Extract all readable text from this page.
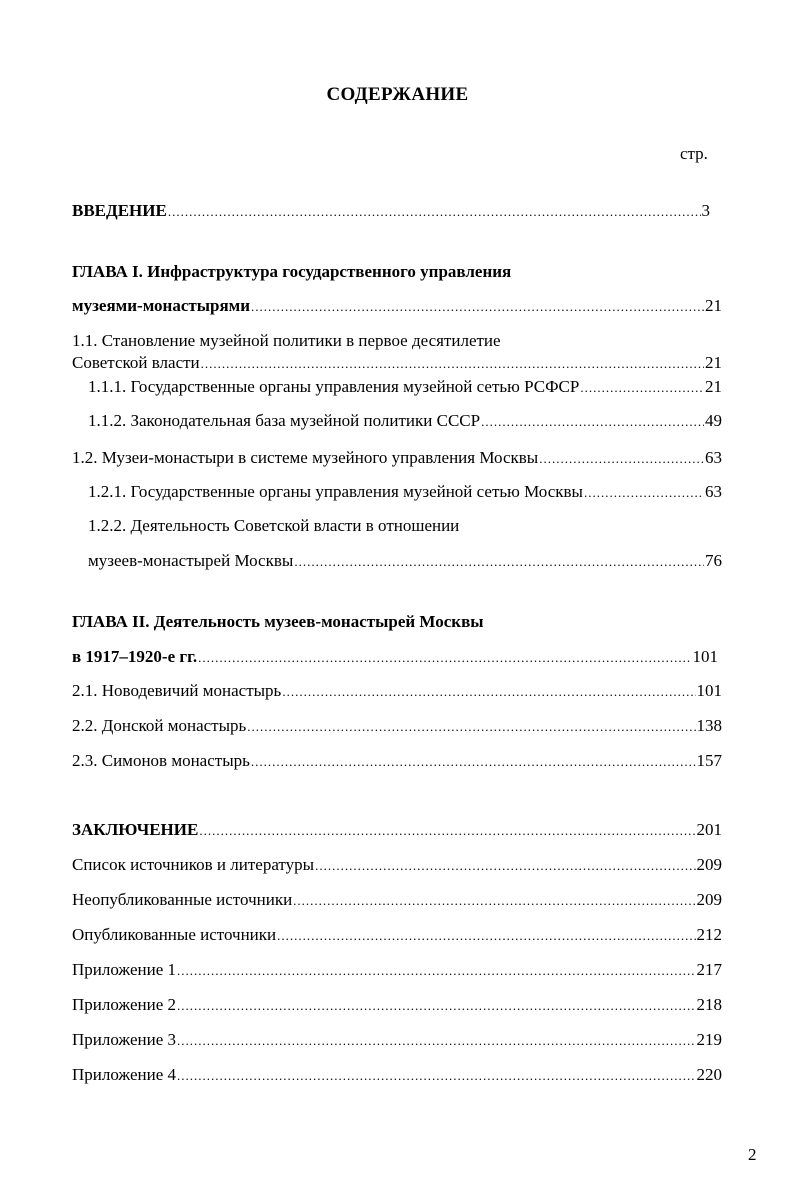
СОДЕРЖАНИЕ
стр.
ВВЕДЕНИЕ .....	3
ГЛАВА I. Инфраструктура государственного управления
музеями-монастырями .....	21
1.1. Становление музейной политики в первое десятилетие
Советской власти .....	21
1.1.1. Государственные органы управления музейной сетью РСФСР .....	21
1.1.2. Законодательная база музейной политики СССР .....	49
1.2. Музеи-монастыри в системе музейного управления Москвы .....	63
1.2.1. Государственные органы управления музейной сетью Москвы .....	63
1.2.2. Деятельность Советской власти в отношении
музеев-монастырей Москвы .....	76
ГЛАВА II. Деятельность музеев-монастырей Москвы
в 1917–1920-е гг. .....	101
2.1. Новодевичий монастырь .....	101
2.2. Донской монастырь .....	138
2.3. Симонов монастырь .....	157
ЗАКЛЮЧЕНИЕ .....	201
Список источников и литературы .....	209
Неопубликованные источники .....	209
Опубликованные источники .....	212
Приложение 1 .....	217
Приложение 2 .....	218
Приложение 3 .....	219
Приложение 4 .....	220
2
